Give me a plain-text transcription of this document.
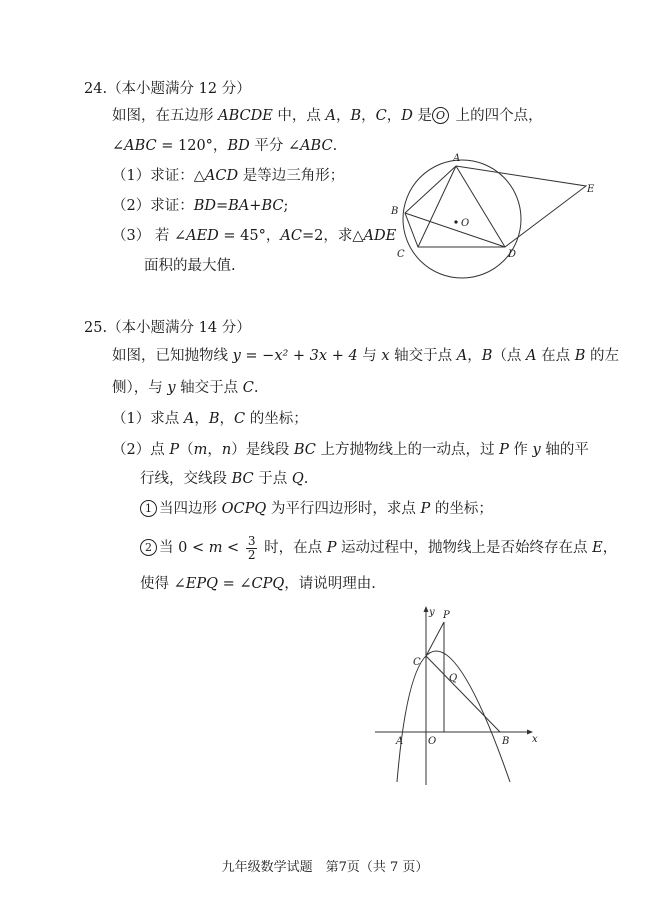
24.（本小题满分 12 分）
如图，在五边形 ABCDE 中，点 A，B，C，D 是 O 上的四个点，
∠ABC = 120°，BD 平分 ∠ABC.
（1）求证：△ACD 是等边三角形；
（2）求证：BD=BA+BC;
（3） 若 ∠AED = 45°，AC=2，求△ADE
面积的最大值.
A
B
C	D
E
O
25.（本小题满分 14 分）
如图，已知抛物线 y = −x² + 3x + 4 与 x 轴交于点 A，B（点 A 在点 B 的左
侧），与 y 轴交于点 C.
（1）求点 A，B，C 的坐标；
（2）点 P（m，n）是线段 BC 上方抛物线上的一动点，过 P 作 y 轴的平
行线，交线段 BC 于点 Q.
1 当四边形 OCPQ 为平行四边形时，求点 P 的坐标；
2 当 $0 < m < \frac{3}{2}$ 时，在点 P 运动过程中，抛物线上是否始终存在点 E，
使得 ∠EPQ = ∠CPQ，请说明理由.
y
x
P
C
Q
A O	B
九年级数学试题　第7页（共 7 页）
